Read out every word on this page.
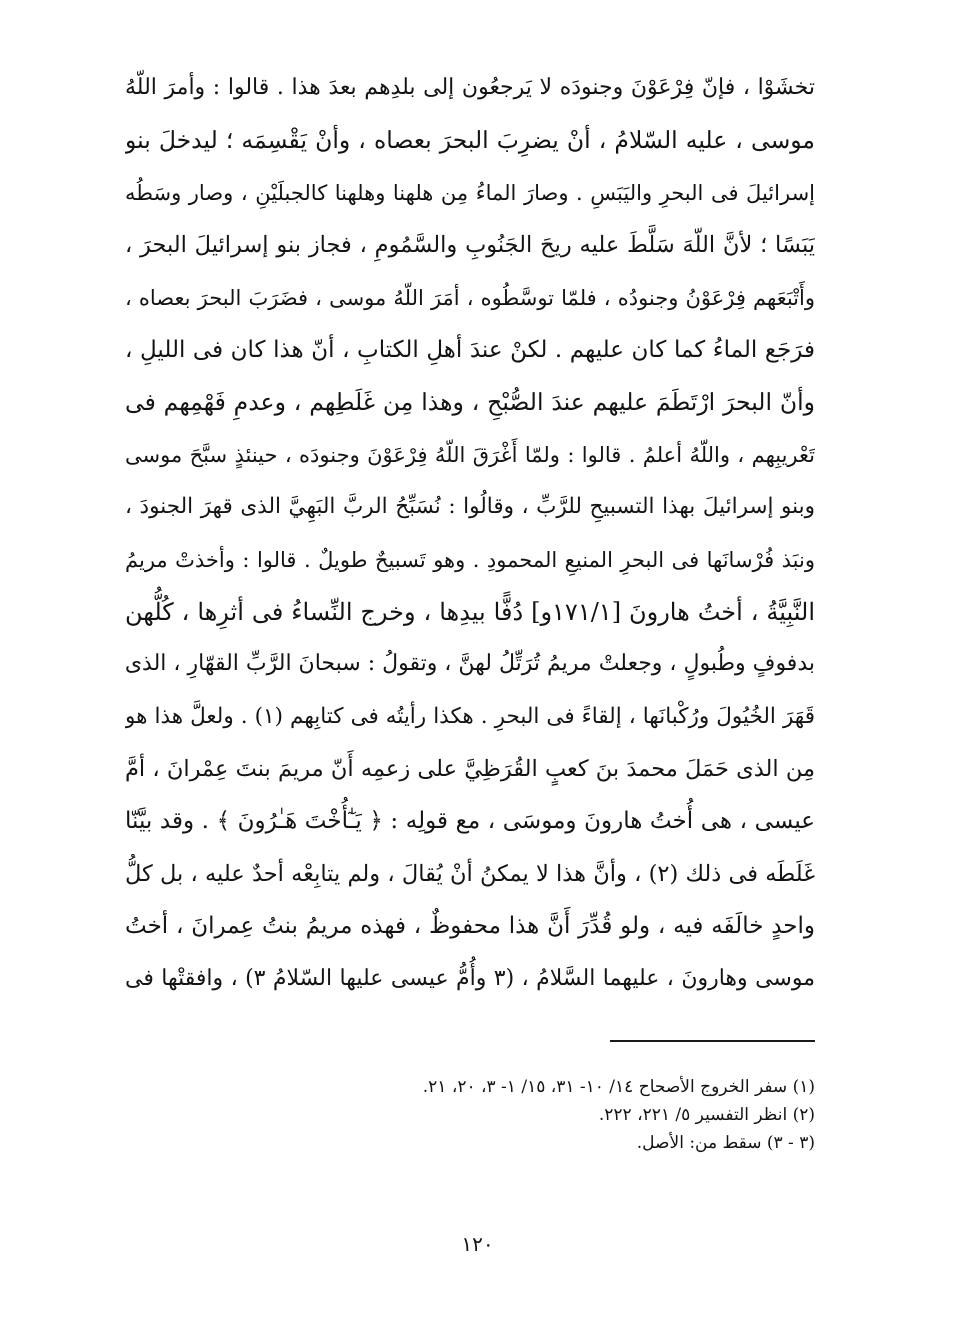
تخشَوْا ، فإنّ فِرْعَوْنَ وجنودَه لا يَرجعُون إلى بلدِهم بعدَ هذا . قالوا : وأمرَ اللّهُ
موسى ، عليه السّلامُ ، أنْ يضرِبَ البحرَ بعصاه ، وأنْ يَقْسِمَه ؛ ليدخلَ بنو
إسرائيلَ فى البحرِ واليَبَسِ . وصارَ الماءُ مِن هلهنا وهلهنا كالجبلَيْنِ ، وصار وسَطُه
يَبَسًا ؛ لأنَّ اللّهَ سَلَّطَ عليه ريحَ الجَنُوبِ والسَّمُومِ ، فجاز بنو إسرائيلَ البحرَ ،
وأَتْبَعَهم فِرْعَوْنُ وجنودُه ، فلمّا توسَّطُوه ، أمَرَ اللّهُ موسى ، فضَرَبَ البحرَ بعصاه ،
فرَجَع الماءُ كما كان عليهم . لكنْ عندَ أهلِ الكتابِ ، أنّ هذا كان فى الليلِ ،
وأنّ البحرَ ارْتَطَمَ عليهم عندَ الصُّبْحِ ، وهذا مِن غَلَطِهم ، وعدمِ فَهْمِهم فى
تَعْريبِهم ، واللّهُ أعلمُ . قالوا : ولمّا أَغْرَقَ اللّهُ فِرْعَوْنَ وجنودَه ، حينئذٍ سبَّحَ موسى
وبنو إسرائيلَ بهذا التسبيحِ للرَّبِّ ، وقالُوا : نُسَبِّحُ الربَّ البَهِيَّ الذى قهرَ الجنودَ ،
ونبَذ فُرْسانَها فى البحرِ المنيعِ المحمودِ . وهو تَسبيحٌ طويلٌ . قالوا : وأخذتْ مريمُ
النَّبِيَّةُ ، أختُ هارونَ [١٧١/١و] دُفًّا بيدِها ، وخرج النِّساءُ فى أثرِها ، كُلُّهن
بدفوفٍ وطُبولٍ ، وجعلتْ مريمُ تُرَتِّلُ لهنَّ ، وتقولُ : سبحانَ الرَّبِّ القهّارِ ، الذى
قَهَرَ الخُيُولَ ورُكْبانَها ، إلقاءً فى البحرِ . هكذا رأيتُه فى كتابِهم (١) . ولعلَّ هذا هو
مِن الذى حَمَلَ محمدَ بنَ كعبٍ القُرَظِيَّ على زعمِه أَنّ مريمَ بنتَ عِمْرانَ ، أمَّ
عيسى ، هى أُختُ هارونَ وموسَى ، مع قولِه : ﴿ يَـٰٓأُخْتَ هَـٰرُونَ ﴾ . وقد بيَّنّا
غَلَطَه فى ذلك (٢) ، وأنَّ هذا لا يمكنُ أنْ يُقالَ ، ولم يتابِعْه أحدٌ عليه ، بل كلُّ
واحدٍ خالَفَه فيه ، ولو قُدِّرَ أَنَّ هذا محفوظٌ ، فهذه مريمُ بنتُ عِمرانَ ، أختُ
موسى وهارونَ ، عليهما السَّلامُ ، (٣ وأُمُّ عيسى عليها السّلامُ ٣) ، وافقتْها فى
(١) سفر الخروج الأصحاح ١٤/ ١٠- ٣١، ١٥/ ١- ٣، ٢٠، ٢١.
(٢) انظر التفسير ٥/ ٢٢١، ٢٢٢.
(٣ - ٣) سقط من: الأصل.
١٢٠
